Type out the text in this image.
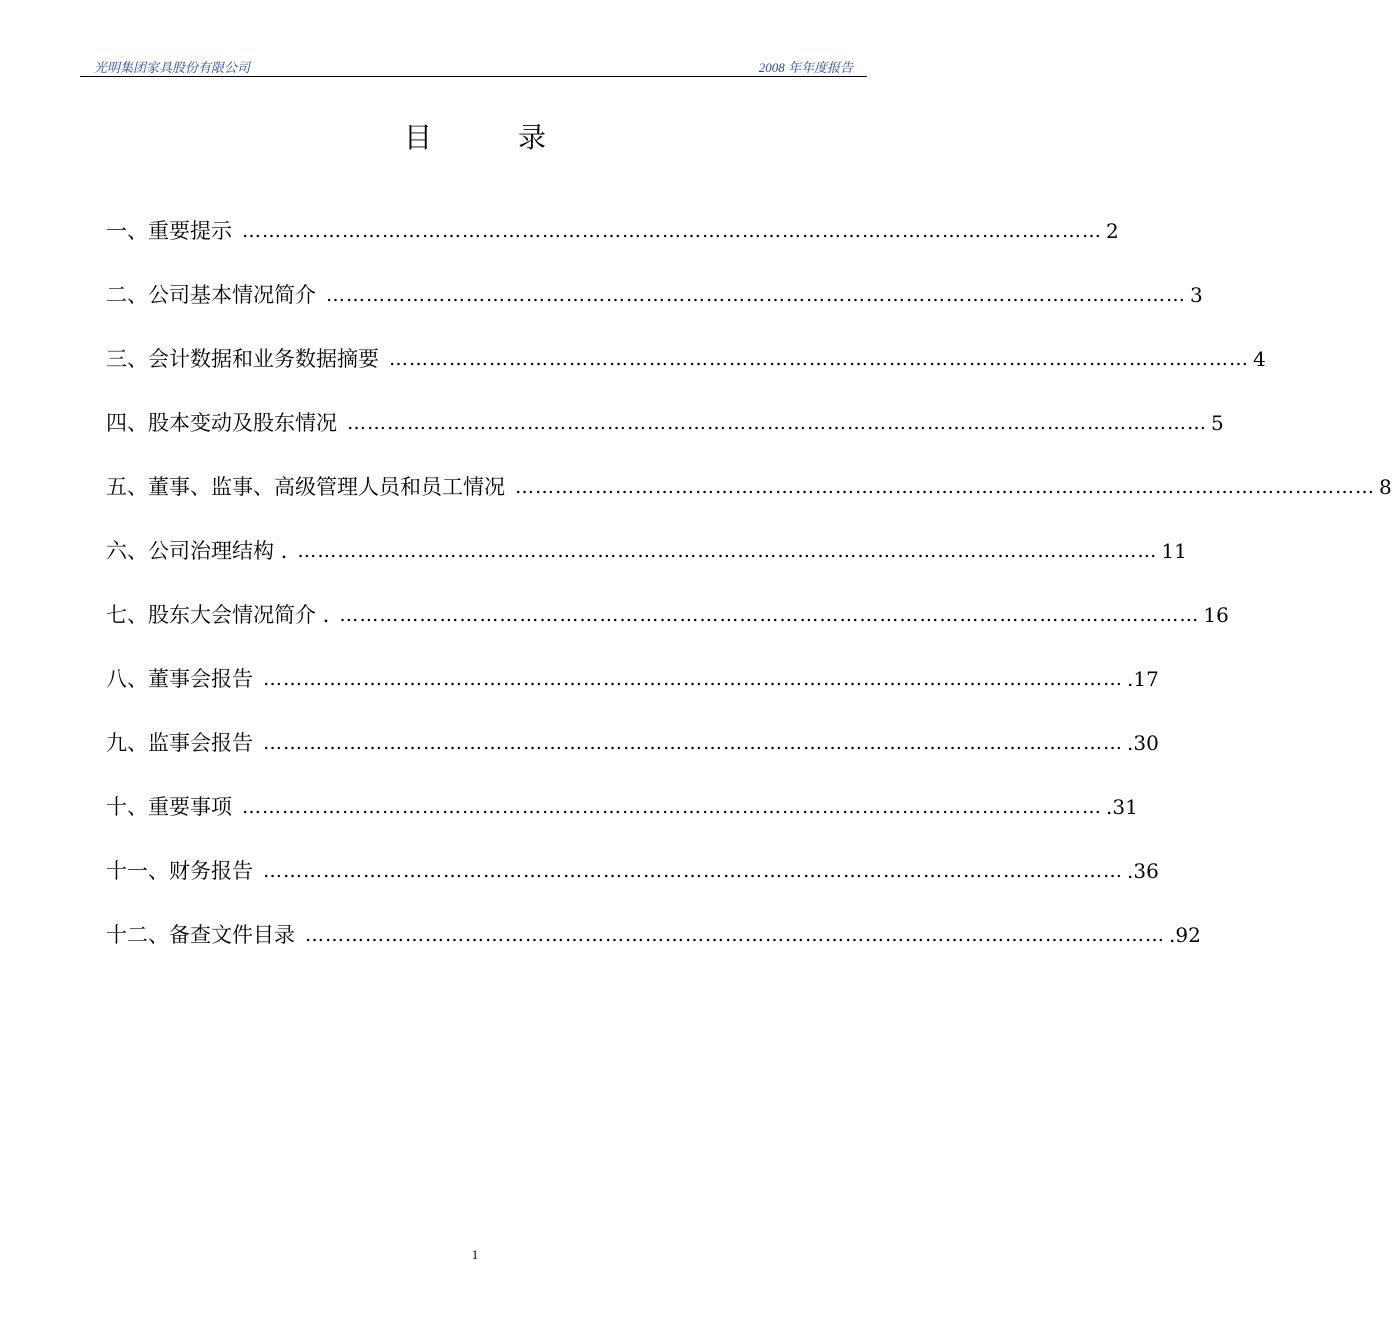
光明集团家具股份有限公司	2008 年年度报告
目	录
一、重要提示 ………………………………………………………………………………………………………………… 2
二、公司基本情况简介 ………………………………………………………………………………………………………………… 3
三、会计数据和业务数据摘要 ………………………………………………………………………………………………………………… 4
四、股本变动及股东情况 ………………………………………………………………………………………………………………… 5
五、董事、监事、高级管理人员和员工情况 ………………………………………………………………………………………………………………… 8
六、公司治理结构 . ………………………………………………………………………………………………………………… 11
七、股东大会情况简介 . ………………………………………………………………………………………………………………… 16
八、董事会报告 ………………………………………………………………………………………………………………… .17
九、监事会报告 ………………………………………………………………………………………………………………… .30
十、重要事项 ………………………………………………………………………………………………………………… .31
十一、财务报告 ………………………………………………………………………………………………………………… .36
十二、备查文件目录 ………………………………………………………………………………………………………………… .92
1
